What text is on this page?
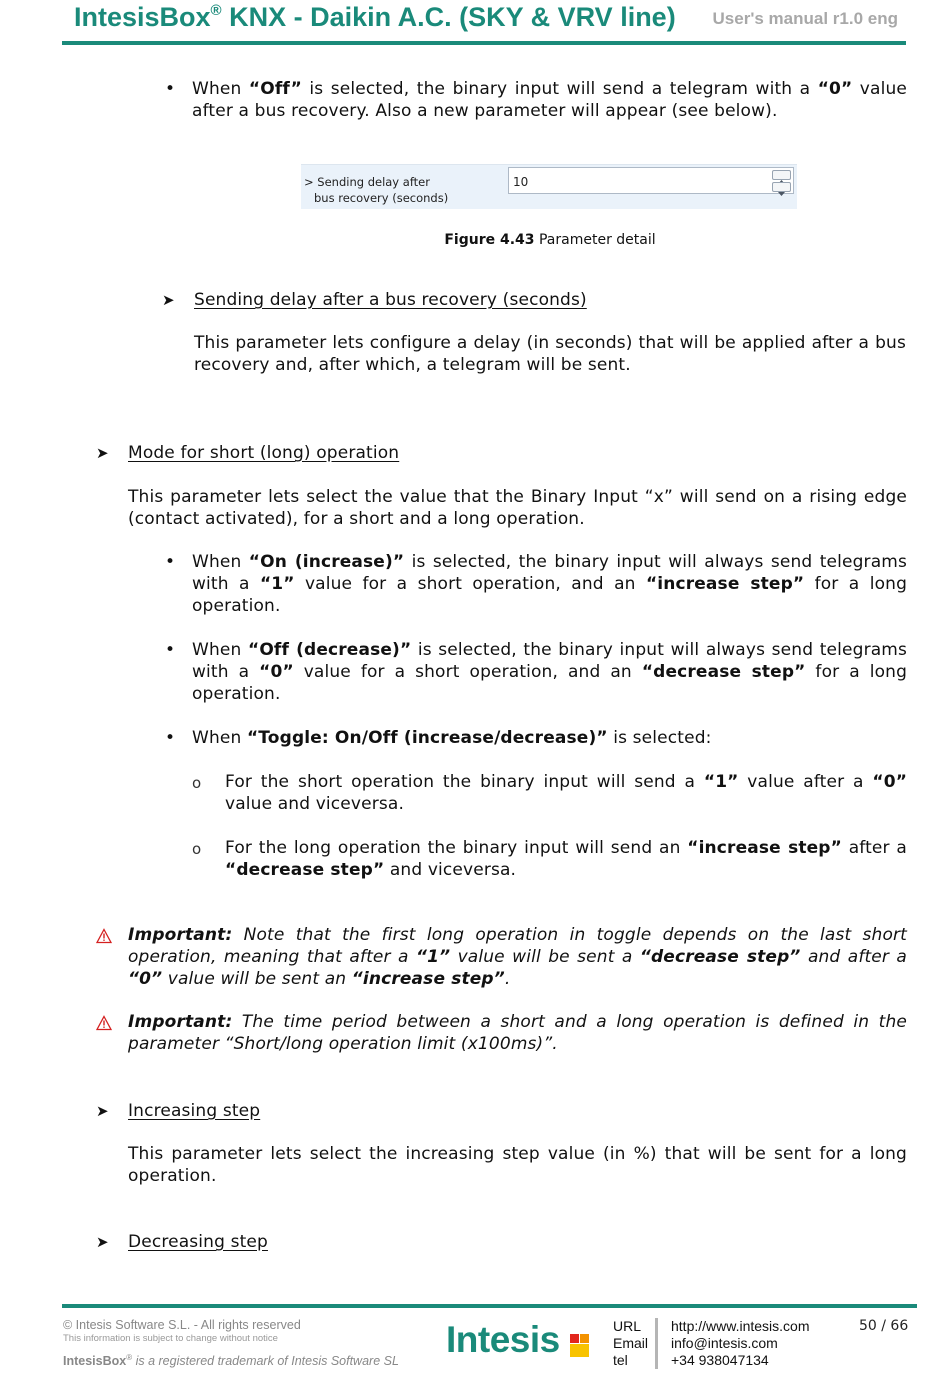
IntesisBox® KNX - Daikin A.C. (SKY & VRV line) User's manual r1.0 eng
• When “Off” is selected, the binary input will send a telegram with a “0” value after a bus recovery. Also a new parameter will appear (see below).
> Sending delay after
bus recovery (seconds)
10
Figure 4.43 Parameter detail
➤ Sending delay after a bus recovery (seconds)
This parameter lets configure a delay (in seconds) that will be applied after a bus recovery and, after which, a telegram will be sent.
➤ Mode for short (long) operation
This parameter lets select the value that the Binary Input “x” will send on a rising edge (contact activated), for a short and a long operation.
• When “On (increase)” is selected, the binary input will always send telegrams with a “1” value for a short operation, and an “increase step” for a long operation.
• When “Off (decrease)” is selected, the binary input will always send telegrams with a “0” value for a short operation, and an “decrease step” for a long operation.
• When “Toggle: On/Off (increase/decrease)” is selected:
o For the short operation the binary input will send a “1” value after a “0” value and viceversa.
o For the long operation the binary input will send an “increase step” after a “decrease step” and viceversa.
Important: Note that the first long operation in toggle depends on the last short operation, meaning that after a “1” value will be sent a “decrease step” and after a “0” value will be sent an “increase step”.
Important: The time period between a short and a long operation is defined in the parameter “Short/long operation limit (x100ms)”.
➤ Increasing step
This parameter lets select the increasing step value (in %) that will be sent for a long operation.
➤ Decreasing step
© Intesis Software S.L. - All rights reserved
This information is subject to change without notice
IntesisBox® is a registered trademark of Intesis Software SL
Intesis	URL
Email
tel
http://www.intesis.com
info@intesis.com
+34 938047134
50 / 66
